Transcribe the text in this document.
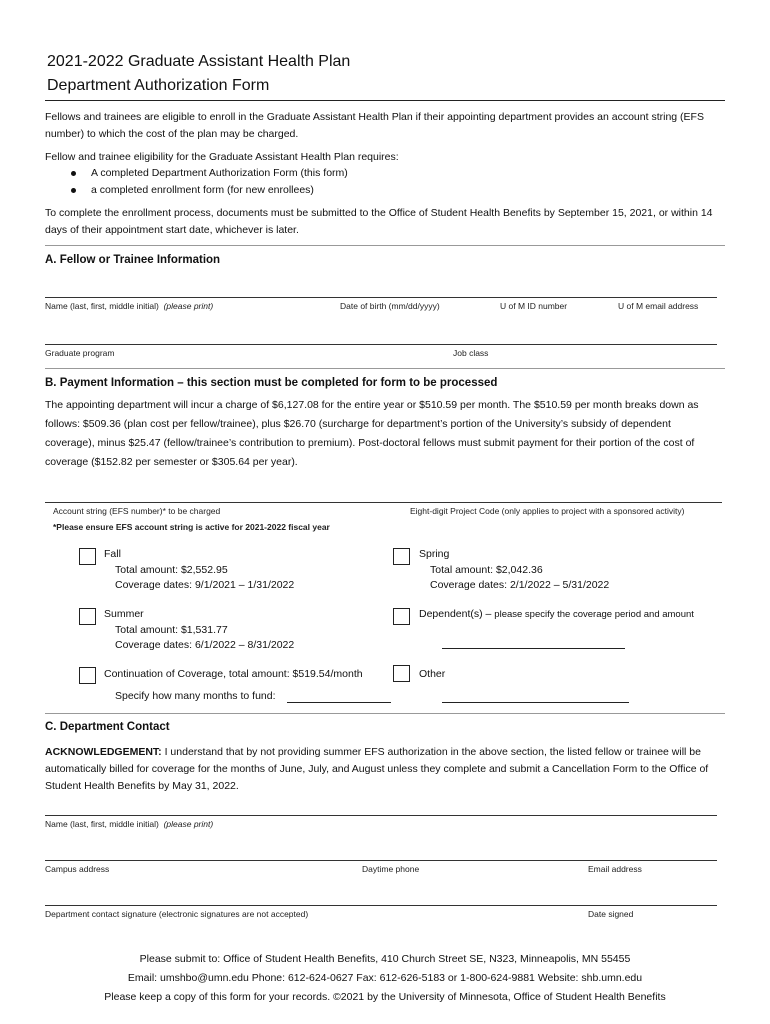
2021-2022 Graduate Assistant Health Plan
Department Authorization Form
Fellows and trainees are eligible to enroll in the Graduate Assistant Health Plan if their appointing department provides an account string (EFS number) to which the cost of the plan may be charged.
Fellow and trainee eligibility for the Graduate Assistant Health Plan requires:
A completed Department Authorization Form (this form)
a completed enrollment form (for new enrollees)
To complete the enrollment process, documents must be submitted to the Office of Student Health Benefits by September 15, 2021, or within 14 days of their appointment start date, whichever is later.
A. Fellow or Trainee Information
Name (last, first, middle initial) (please print)	Date of birth (mm/dd/yyyy)	U of M ID number	U of M email address
Graduate program	Job class
B. Payment Information – this section must be completed for form to be processed
The appointing department will incur a charge of $6,127.08 for the entire year or $510.59 per month. The $510.59 per month breaks down as follows: $509.36 (plan cost per fellow/trainee), plus $26.70 (surcharge for department’s portion of the University’s subsidy of dependent coverage), minus $25.47 (fellow/trainee’s contribution to premium). Post-doctoral fellows must submit payment for their portion of the cost of coverage ($152.82 per semester or $305.64 per year).
Account string (EFS number)* to be charged	Eight-digit Project Code (only applies to project with a sponsored activity)
*Please ensure EFS account string is active for 2021-2022 fiscal year
Fall
Total amount: $2,552.95
Coverage dates: 9/1/2021 – 1/31/2022
Spring
Total amount: $2,042.36
Coverage dates: 2/1/2022 – 5/31/2022
Summer
Total amount: $1,531.77
Coverage dates: 6/1/2022 – 8/31/2022
Dependent(s) – please specify the coverage period and amount
Continuation of Coverage, total amount: $519.54/month
Specify how many months to fund:
Other
C. Department Contact
ACKNOWLEDGEMENT: I understand that by not providing summer EFS authorization in the above section, the listed fellow or trainee will be automatically billed for coverage for the months of June, July, and August unless they complete and submit a Cancellation Form to the Office of Student Health Benefits by May 31, 2022.
Name (last, first, middle initial) (please print)
Campus address	Daytime phone	Email address
Department contact signature (electronic signatures are not accepted)	Date signed
Please submit to: Office of Student Health Benefits, 410 Church Street SE, N323, Minneapolis, MN 55455
Email: umshbo@umn.edu Phone: 612-624-0627 Fax: 612-626-5183 or 1-800-624-9881 Website: shb.umn.edu
Please keep a copy of this form for your records. ©2021 by the University of Minnesota, Office of Student Health Benefits
